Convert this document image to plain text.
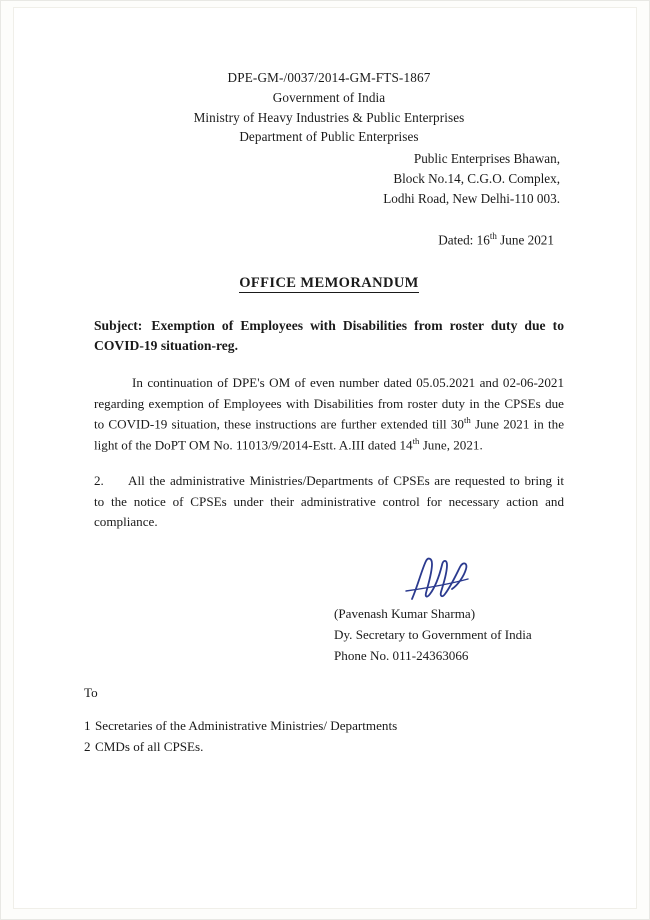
DPE-GM-/0037/2014-GM-FTS-1867
Government of India
Ministry of Heavy Industries & Public Enterprises
Department of Public Enterprises
Public Enterprises Bhawan,
Block No.14, C.G.O. Complex,
Lodhi Road, New Delhi-110 003.
Dated: 16th June 2021
OFFICE MEMORANDUM
Subject: Exemption of Employees with Disabilities from roster duty due to COVID-19 situation-reg.
In continuation of DPE's OM of even number dated 05.05.2021 and 02-06-2021 regarding exemption of Employees with Disabilities from roster duty in the CPSEs due to COVID-19 situation, these instructions are further extended till 30th June 2021 in the light of the DoPT OM No. 11013/9/2014-Estt. A.III dated 14th June, 2021.
2. All the administrative Ministries/Departments of CPSEs are requested to bring it to the notice of CPSEs under their administrative control for necessary action and compliance.
(Pavenash Kumar Sharma)
Dy. Secretary to Government of India
Phone No. 011-24363066
To
1 Secretaries of the Administrative Ministries/ Departments
2 CMDs of all CPSEs.
